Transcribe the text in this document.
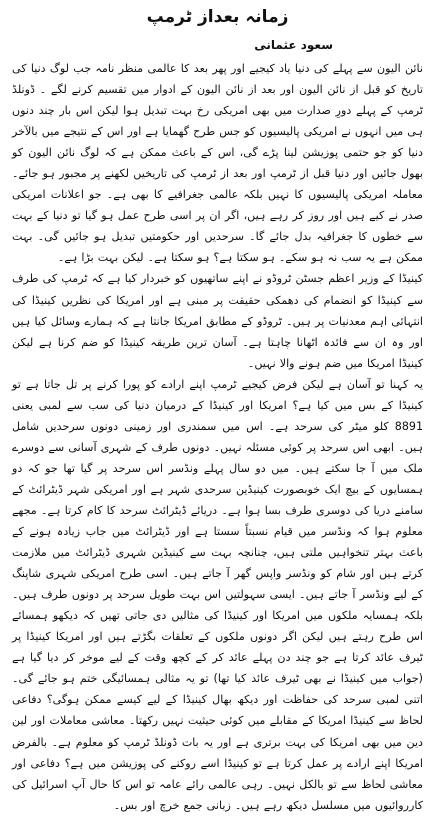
زمانہ بعداز ٹرمپ
سعود عثمانی

نائن الیون سے پہلے کی دنیا یاد کیجیے اور پھر بعد کا عالمی منظر نامہ جب لوگ دنیا کی تاریخ کو قبل از نائن الیون اور بعد از نائن الیون کے ادوار میں تقسیم کرنے لگے ۔ ڈونلڈ ٹرمپ کے پہلے دورِ صدارت میں بھی امریکی رخ بہت تبدیل ہوا لیکن اس بار چند دنوں ہی میں انہوں نے امریکی پالیسیوں کو جس طرح گھمایا ہے اور اس کے نتیجے میں بالآخر دنیا کو جو حتمی پوزیشن لینا پڑے گی، اس کے باعث ممکن ہے کہ لوگ نائن الیون کو بھول جائیں اور دنیا قبل از ٹرمپ اور بعد از ٹرمپ کی تاریخیں لکھنے پر مجبور ہو جائے۔ معاملہ امریکی پالیسیوں کا نہیں بلکہ عالمی جغرافیے کا بھی ہے۔ جو اعلانات امریکی صدر نے کیے ہیں اور روز کر رہے ہیں، اگر ان پر اسی طرح عمل ہو گیا تو دنیا کے بہت سے خطوں کا جغرافیہ بدل جائے گا۔ سرحدیں اور حکومتیں تبدیل ہو جائیں گی۔ بہت ممکن ہے یہ سب نہ ہو سکے۔ ہو سکتا ہے؟ ہو سکتا ہے۔ لیکن بہت بڑا ہے۔

کینیڈا کے وزیر اعظم جسٹن ٹروڈو نے اپنے ساتھیوں کو خبردار کیا ہے کہ ٹرمپ کی طرف سے کینیڈا کو انضمام کی دھمکی حقیقت پر مبنی ہے اور امریکا کی نظریں کینیڈا کی انتہائی اہم معدنیات پر ہیں۔ ٹروڈو کے مطابق امریکا جانتا ہے کہ ہمارے وسائل کیا ہیں اور وہ ان سے فائدہ اٹھانا چاہتا ہے۔ آسان ترین طریقہ کینیڈا کو ضم کرنا ہے لیکن کینیڈا امریکا میں ضم ہونے والا نہیں۔

یہ کہنا تو آسان ہے لیکن فرض کیجیے ٹرمپ اپنے ارادے کو پورا کرنے پر تل جاتا ہے تو کینیڈا کے بس میں کیا ہے؟ امریکا اور کینیڈا کے درمیان دنیا کی سب سے لمبی یعنی 8891 کلو میٹر کی سرحد ہے۔ اس میں سمندری اور زمینی دونوں سرحدیں شامل ہیں۔ ابھی اس سرحد پر کوئی مسئلہ نہیں۔ دونوں طرف کے شہری آسانی سے دوسرے ملک میں آ جا سکتے ہیں۔ میں دو سال پہلے ونڈسر اس سرحد پر گیا تھا جو کہ دو ہمسایوں کے بیچ ایک خوبصورت کینیڈین سرحدی شہر ہے اور امریکی شہر ڈیٹرائٹ کے سامنے دریا کی دوسری طرف بسا ہوا ہے۔ دریائے ڈیٹرائٹ سرحد کا کام کرتا ہے۔ مجھے معلوم ہوا کہ ونڈسر میں قیام نسبتاً سستا ہے اور ڈیٹرائٹ میں جاب زیادہ ہونے کے باعث بہتر تنخواہیں ملتی ہیں، چنانچہ بہت سے کینیڈین شہری ڈیٹرائٹ میں ملازمت کرتے ہیں اور شام کو ونڈسر واپس گھر آ جاتے ہیں۔ اسی طرح امریکی شہری شاپنگ کے لیے ونڈسر آ جاتے ہیں۔ ایسی سہولتیں اس بہت طویل سرحد پر دونوں طرف ہیں۔ بلکہ ہمسایہ ملکوں میں امریکا اور کینیڈا کی مثالیں دی جاتی تھیں کہ دیکھو ہمسائے اس طرح رہتے ہیں لیکن اگر دونوں ملکوں کے تعلقات بگڑتے ہیں اور امریکا کینیڈا پر ٹیرف عائد کرتا ہے جو چند دن پہلے عائد کر کے کچھ وقت کے لیے موخر کر دیا گیا ہے (جواب میں کینیڈا نے بھی ٹیرف عائد کیا تھا) تو یہ مثالی ہمسائیگی ختم ہو جائے گی۔ اتنی لمبی سرحد کی حفاظت اور دیکھ بھال کینیڈا کے لیے کیسے ممکن ہوگی؟ دفاعی لحاظ سے کینیڈا امریکا کے مقابلے میں کوئی حیثیت نہیں رکھتا۔ معاشی معاملات اور لین دین میں بھی امریکا کی بہت برتری ہے اور یہ بات ڈونلڈ ٹرمپ کو معلوم ہے۔ بالفرض امریکا اپنے ارادے پر عمل کرتا ہے تو کینیڈا اسے روکنے کی پوزیشن میں ہے؟ دفاعی اور معاشی لحاظ سے تو بالکل نہیں۔ رہی عالمی رائے عامہ تو اس کا حال آپ اسرائیل کی کارروائیوں میں مسلسل دیکھ رہے ہیں۔ زبانی جمع خرچ اور بس۔
